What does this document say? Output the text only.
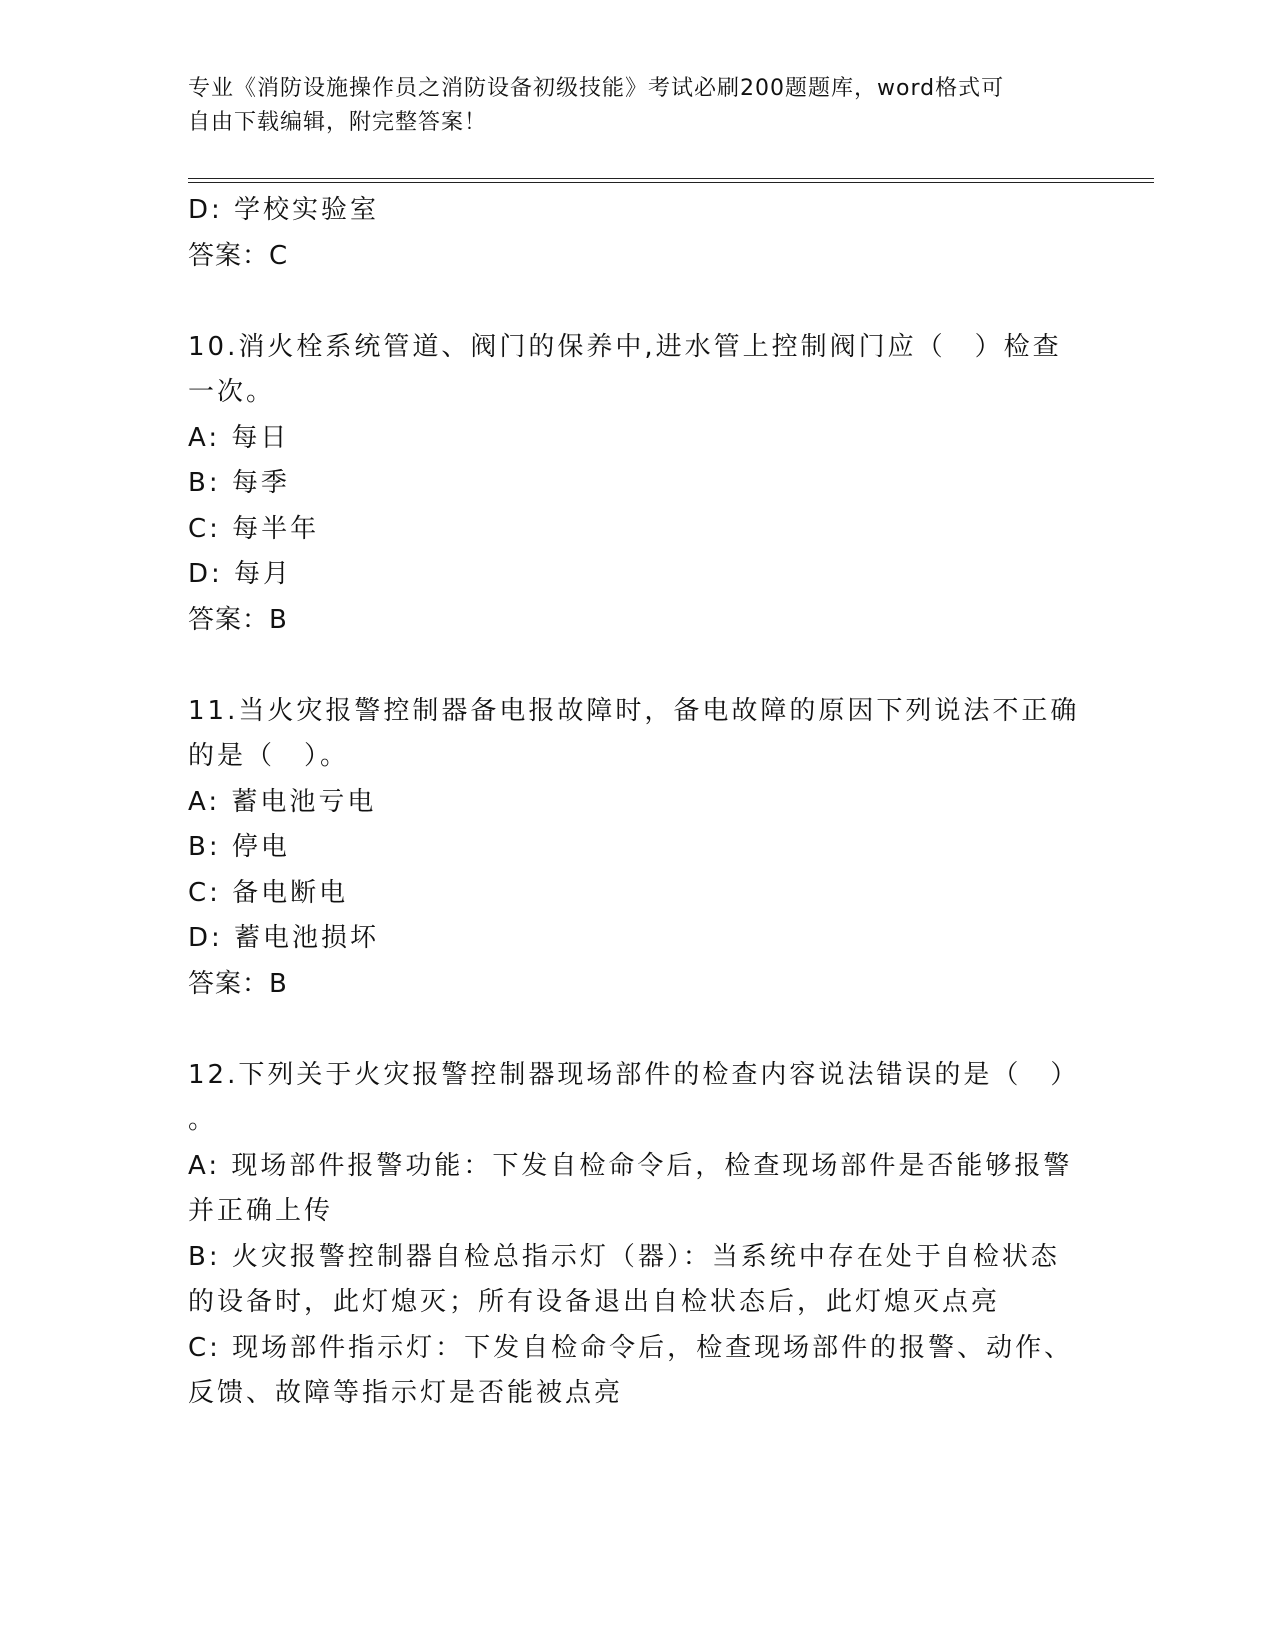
专业《消防设施操作员之消防设备初级技能》考试必刷200题题库，word格式可
自由下载编辑，附完整答案！
D: 学校实验室
答案：C
10.消火栓系统管道、阀门的保养中,进水管上控制阀门应（　）检查
一次。
A: 每日
B: 每季
C: 每半年
D: 每月
答案：B
11.当火灾报警控制器备电报故障时，备电故障的原因下列说法不正确
的是（　）。
A: 蓄电池亏电
B: 停电
C: 备电断电
D: 蓄电池损坏
答案：B
12.下列关于火灾报警控制器现场部件的检查内容说法错误的是（　）
。
A: 现场部件报警功能：下发自检命令后，检查现场部件是否能够报警
并正确上传
B: 火灾报警控制器自检总指示灯（器）：当系统中存在处于自检状态
的设备时，此灯熄灭；所有设备退出自检状态后，此灯熄灭点亮
C: 现场部件指示灯：下发自检命令后，检查现场部件的报警、动作、
反馈、故障等指示灯是否能被点亮
